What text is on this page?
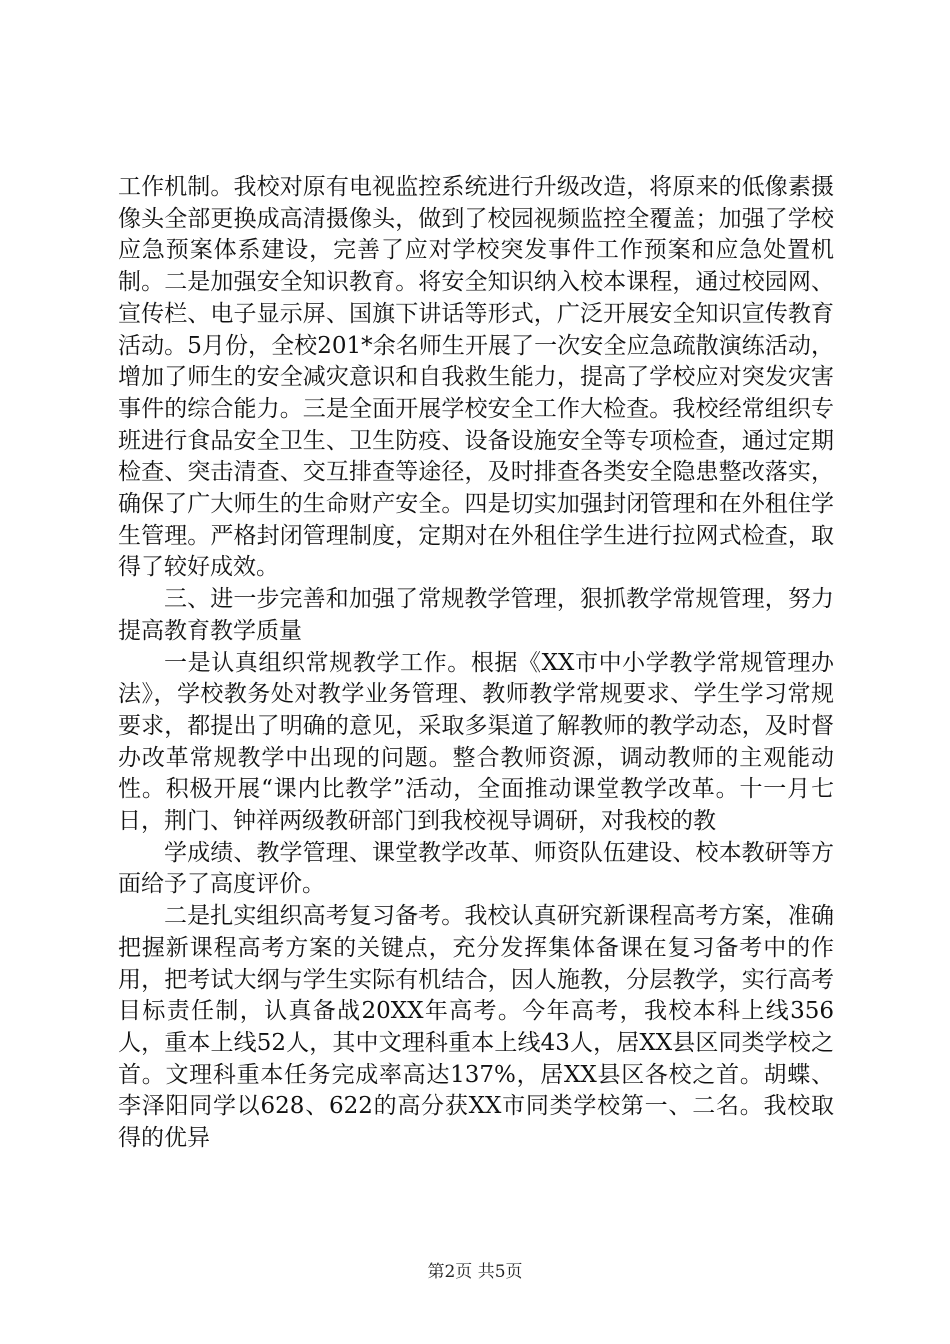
工作机制。我校对原有电视监控系统进行升级改造，将原来的低像素摄像头全部更换成高清摄像头，做到了校园视频监控全覆盖；加强了学校应急预案体系建设，完善了应对学校突发事件工作预案和应急处置机制。二是加强安全知识教育。将安全知识纳入校本课程，通过校园网、宣传栏、电子显示屏、国旗下讲话等形式，广泛开展安全知识宣传教育活动。5月份，全校201*余名师生开展了一次安全应急疏散演练活动，增加了师生的安全减灾意识和自我救生能力，提高了学校应对突发灾害事件的综合能力。三是全面开展学校安全工作大检查。我校经常组织专班进行食品安全卫生、卫生防疫、设备设施安全等专项检查，通过定期检查、突击清查、交互排查等途径，及时排查各类安全隐患整改落实，确保了广大师生的生命财产安全。四是切实加强封闭管理和在外租住学生管理。严格封闭管理制度，定期对在外租住学生进行拉网式检查，取得了较好成效。

三、进一步完善和加强了常规教学管理，狠抓教学常规管理，努力提高教育教学质量

一是认真组织常规教学工作。根据《XX市中小学教学常规管理办法》，学校教务处对教学业务管理、教师教学常规要求、学生学习常规要求，都提出了明确的意见，采取多渠道了解教师的教学动态，及时督办改革常规教学中出现的问题。整合教师资源，调动教师的主观能动性。积极开展“课内比教学”活动，全面推动课堂教学改革。十一月七日，荆门、钟祥两级教研部门到我校视导调研，对我校的教

学成绩、教学管理、课堂教学改革、师资队伍建设、校本教研等方面给予了高度评价。

二是扎实组织高考复习备考。我校认真研究新课程高考方案，准确把握新课程高考方案的关键点，充分发挥集体备课在复习备考中的作用，把考试大纲与学生实际有机结合，因人施教，分层教学，实行高考目标责任制，认真备战20XX年高考。今年高考，我校本科上线356人，重本上线52人，其中文理科重本上线43人，居XX县区同类学校之首。文理科重本任务完成率高达137%，居XX县区各校之首。胡蝶、李泽阳同学以628、622的高分获XX市同类学校第一、二名。我校取得的优异

第2页 共5页
